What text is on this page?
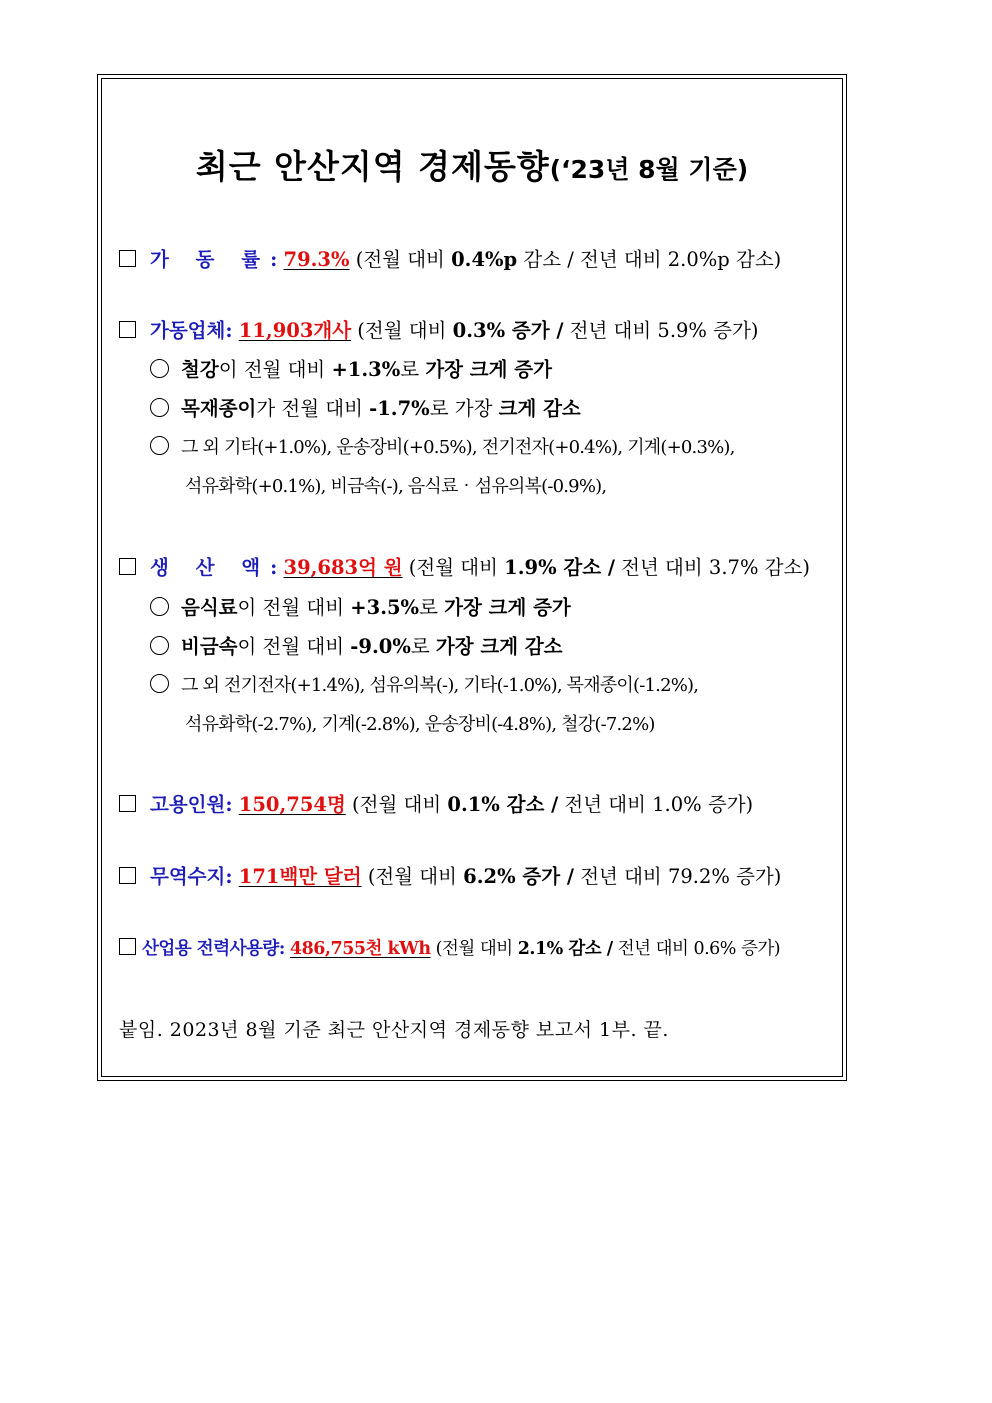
최근 안산지역 경제동향(‘23년 8월 기준)
가 동 률: 79.3% (전월 대비 0.4%p 감소 / 전년 대비 2.0%p 감소)
가동업체: 11,903개사 (전월 대비 0.3% 증가 / 전년 대비 5.9% 증가)
철강이 전월 대비 +1.3%로 가장 크게 증가
목재종이가 전월 대비 -1.7%로 가장 크게 감소
그 외 기타(+1.0%), 운송장비(+0.5%), 전기전자(+0.4%), 기계(+0.3%),
석유화학(+0.1%), 비금속(-), 음식료‧섬유의복(-0.9%),
생 산 액: 39,683억 원 (전월 대비 1.9% 감소 / 전년 대비 3.7% 감소)
음식료이 전월 대비 +3.5%로 가장 크게 증가
비금속이 전월 대비 -9.0%로 가장 크게 감소
그 외 전기전자(+1.4%), 섬유의복(-), 기타(-1.0%), 목재종이(-1.2%),
석유화학(-2.7%), 기계(-2.8%), 운송장비(-4.8%), 철강(-7.2%)
고용인원: 150,754명 (전월 대비 0.1% 감소 / 전년 대비 1.0% 증가)
무역수지: 171백만 달러 (전월 대비 6.2% 증가 / 전년 대비 79.2% 증가)
산업용 전력사용량: 486,755천 kWh (전월 대비 2.1% 감소 / 전년 대비 0.6% 증가)
붙임. 2023년 8월 기준 최근 안산지역 경제동향 보고서 1부. 끝.
